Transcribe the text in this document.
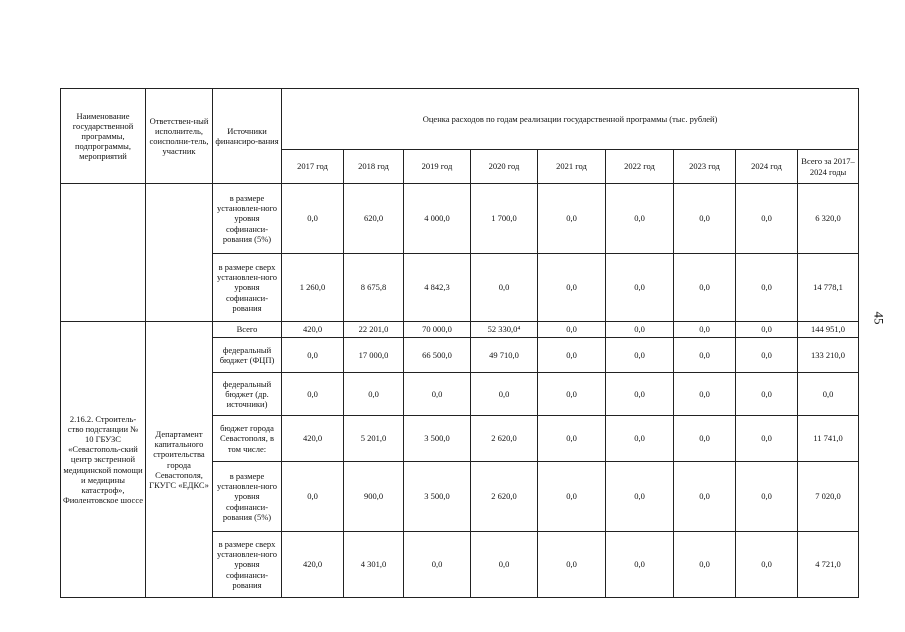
45
Наименование государственной программы, подпрограммы, мероприятий	Ответствен-ный исполнитель, соисполни-тель, участник	Источники финансиро-вания	Оценка расходов по годам реализации государственной программы (тыс. рублей)								
			2017 год	2018 год	2019 год	2020 год	2021 год	2022 год	2023 год	2024 год	Всего за 2017–2024 годы
		в размере установлен-ного уровня софинанси-рования (5%)	0,0	620,0	4 000,0	1 700,0	0,0	0,0	0,0	0,0	6 320,0
		в размере сверх установлен-ного уровня софинанси-рования	1 260,0	8 675,8	4 842,3	0,0	0,0	0,0	0,0	0,0	14 778,1
2.16.2. Строитель-ство подстанции № 10 ГБУЗС «Севастополь-ский центр экстренной медицинской помощи и медицины катастроф», Фиолентовское шоссе	Департамент капитального строительства города Севастополя, ГКУГС «ЕДКС»	Всего	420,0	22 201,0	70 000,0	52 330,0⁴	0,0	0,0	0,0	0,0	144 951,0
		федеральный бюджет (ФЦП)	0,0	17 000,0	66 500,0	49 710,0	0,0	0,0	0,0	0,0	133 210,0
		федеральный бюджет (др. источники)	0,0	0,0	0,0	0,0	0,0	0,0	0,0	0,0	0,0
		бюджет города Севастополя, в том числе:	420,0	5 201,0	3 500,0	2 620,0	0,0	0,0	0,0	0,0	11 741,0
		в размере установлен-ного уровня софинанси-рования (5%)	0,0	900,0	3 500,0	2 620,0	0,0	0,0	0,0	0,0	7 020,0
		в размере сверх установлен-ного уровня софинанси-рования	420,0	4 301,0	0,0	0,0	0,0	0,0	0,0	0,0	4 721,0
